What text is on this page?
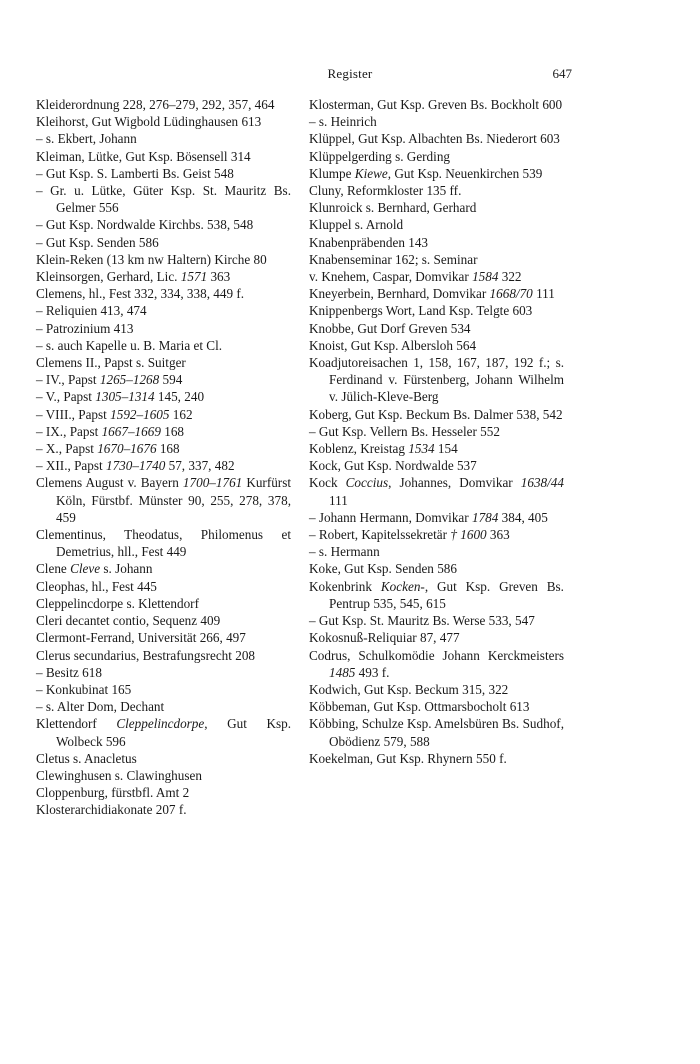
Register	647

Kleiderordnung 228, 276–279, 292, 357, 464

Kleihorst, Gut Wigbold Lüdinghausen 613

– s. Ekbert, Johann

Kleiman, Lütke, Gut Ksp. Bösensell 314

– Gut Ksp. S. Lamberti Bs. Geist 548

– Gr. u. Lütke, Güter Ksp. St. Mauritz Bs. Gelmer 556

– Gut Ksp. Nordwalde Kirchbs. 538, 548

– Gut Ksp. Senden 586

Klein-Reken (13 km nw Haltern) Kirche 80

Kleinsorgen, Gerhard, Lic. 1571 363

Clemens, hl., Fest 332, 334, 338, 449 f.

– Reliquien 413, 474

– Patrozinium 413

– s. auch Kapelle u. B. Maria et Cl.

Clemens II., Papst s. Suitger

– IV., Papst 1265–1268 594

– V., Papst 1305–1314 145, 240

– VIII., Papst 1592–1605 162

– IX., Papst 1667–1669 168

– X., Papst 1670–1676 168

– XII., Papst 1730–1740 57, 337, 482

Clemens August v. Bayern 1700–1761 Kurfürst Köln, Fürstbf. Münster 90, 255, 278, 378, 459

Clementinus, Theodatus, Philomenus et Demetrius, hll., Fest 449

Clene Cleve s. Johann

Cleophas, hl., Fest 445

Cleppelincdorpe s. Klettendorf

Cleri decantet contio, Sequenz 409

Clermont-Ferrand, Universität 266, 497

Clerus secundarius, Bestrafungsrecht 208

– Besitz 618

– Konkubinat 165

– s. Alter Dom, Dechant

Klettendorf Cleppelincdorpe, Gut Ksp. Wolbeck 596

Cletus s. Anacletus

Clewinghusen s. Clawinghusen

Cloppenburg, fürstbfl. Amt 2

Klosterarchidiakonate 207 f.

Klosterman, Gut Ksp. Greven Bs. Bockholt 600

– s. Heinrich

Klüppel, Gut Ksp. Albachten Bs. Niederort 603

Klüppelgerding s. Gerding

Klumpe Kiewe, Gut Ksp. Neuenkirchen 539

Cluny, Reformkloster 135 ff.

Klunroick s. Bernhard, Gerhard

Kluppel s. Arnold

Knabenpräbenden 143

Knabenseminar 162; s. Seminar

v. Knehem, Caspar, Domvikar 1584 322

Kneyerbein, Bernhard, Domvikar 1668/70 111

Knippenbergs Wort, Land Ksp. Telgte 603

Knobbe, Gut Dorf Greven 534

Knoist, Gut Ksp. Albersloh 564

Koadjutoreisachen 1, 158, 167, 187, 192 f.; s. Ferdinand v. Fürstenberg, Johann Wilhelm v. Jülich-Kleve-Berg

Koberg, Gut Ksp. Beckum Bs. Dalmer 538, 542

– Gut Ksp. Vellern Bs. Hesseler 552

Koblenz, Kreistag 1534 154

Kock, Gut Ksp. Nordwalde 537

Kock Coccius, Johannes, Domvikar 1638/44 111

– Johann Hermann, Domvikar 1784 384, 405

– Robert, Kapitelssekretär † 1600 363

– s. Hermann

Koke, Gut Ksp. Senden 586

Kokenbrink Kocken-, Gut Ksp. Greven Bs. Pentrup 535, 545, 615

– Gut Ksp. St. Mauritz Bs. Werse 533, 547

Kokosnuß-Reliquiar 87, 477

Codrus, Schulkomödie Johann Kerckmeisters 1485 493 f.

Kodwich, Gut Ksp. Beckum 315, 322

Köbbeman, Gut Ksp. Ottmarsbocholt 613

Köbbing, Schulze Ksp. Amelsbüren Bs. Sudhof, Obödienz 579, 588

Koekelman, Gut Ksp. Rhynern 550 f.
